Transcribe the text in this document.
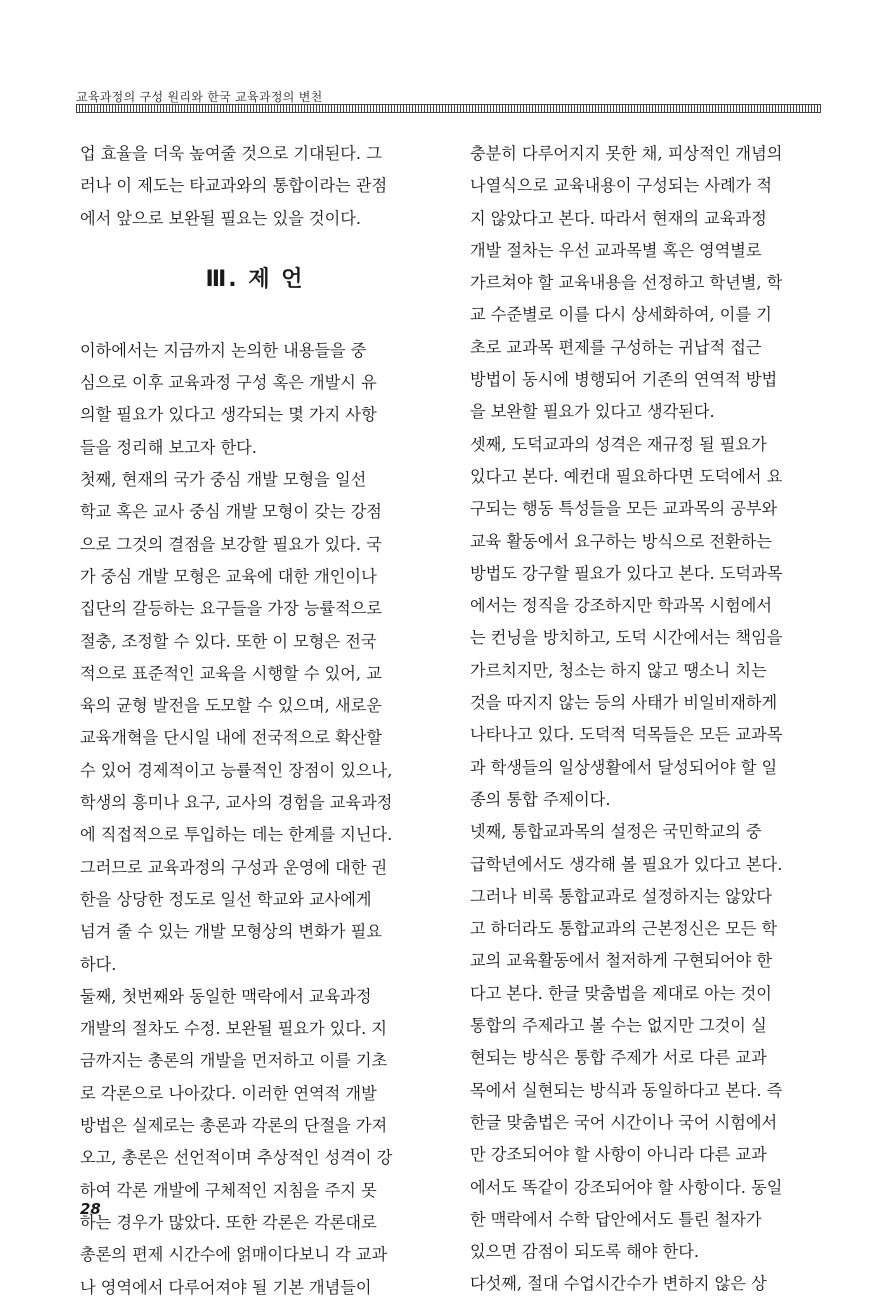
교육과정의 구성 원리와 한국 교육과정의 변천
업 효율을 더욱 높여줄 것으로 기대된다. 그
러나 이 제도는 타교과와의 통합이라는 관점
에서 앞으로 보완될 필요는 있을 것이다.
Ⅲ. 제 언
이하에서는 지금까지 논의한 내용들을 중
심으로 이후 교육과정 구성 혹은 개발시 유
의할 필요가 있다고 생각되는 몇 가지 사항
들을 정리해 보고자 한다.
첫째, 현재의 국가 중심 개발 모형을 일선
학교 혹은 교사 중심 개발 모형이 갖는 강점
으로 그것의 결점을 보강할 필요가 있다. 국
가 중심 개발 모형은 교육에 대한 개인이나
집단의 갈등하는 요구들을 가장 능률적으로
절충, 조정할 수 있다. 또한 이 모형은 전국
적으로 표준적인 교육을 시행할 수 있어, 교
육의 균형 발전을 도모할 수 있으며, 새로운
교육개혁을 단시일 내에 전국적으로 확산할
수 있어 경제적이고 능률적인 장점이 있으나,
학생의 흥미나 요구, 교사의 경험을 교육과정
에 직접적으로 투입하는 데는 한계를 지닌다.
그러므로 교육과정의 구성과 운영에 대한 권
한을 상당한 정도로 일선 학교와 교사에게
넘겨 줄 수 있는 개발 모형상의 변화가 필요
하다.
둘째, 첫번째와 동일한 맥락에서 교육과정
개발의 절차도 수정. 보완될 필요가 있다. 지
금까지는 총론의 개발을 먼저하고 이를 기초
로 각론으로 나아갔다. 이러한 연역적 개발
방법은 실제로는 총론과 각론의 단절을 가져
오고, 총론은 선언적이며 추상적인 성격이 강
하여 각론 개발에 구체적인 지침을 주지 못
하는 경우가 많았다. 또한 각론은 각론대로
총론의 편제 시간수에 얽매이다보니 각 교과
나 영역에서 다루어져야 될 기본 개념들이
충분히 다루어지지 못한 채, 피상적인 개념의
나열식으로 교육내용이 구성되는 사례가 적
지 않았다고 본다. 따라서 현재의 교육과정
개발 절차는 우선 교과목별 혹은 영역별로
가르쳐야 할 교육내용을 선정하고 학년별, 학
교 수준별로 이를 다시 상세화하여, 이를 기
초로 교과목 편제를 구성하는 귀납적 접근
방법이 동시에 병행되어 기존의 연역적 방법
을 보완할 필요가 있다고 생각된다.
셋째, 도덕교과의 성격은 재규정 될 필요가
있다고 본다. 예컨대 필요하다면 도덕에서 요
구되는 행동 특성들을 모든 교과목의 공부와
교육 활동에서 요구하는 방식으로 전환하는
방법도 강구할 필요가 있다고 본다. 도덕과목
에서는 정직을 강조하지만 학과목 시험에서
는 컨닝을 방치하고, 도덕 시간에서는 책임을
가르치지만, 청소는 하지 않고 땡소니 치는
것을 따지지 않는 등의 사태가 비일비재하게
나타나고 있다. 도덕적 덕목들은 모든 교과목
과 학생들의 일상생활에서 달성되어야 할 일
종의 통합 주제이다.
넷째, 통합교과목의 설정은 국민학교의 중
급학년에서도 생각해 볼 필요가 있다고 본다.
그러나 비록 통합교과로 설정하지는 않았다
고 하더라도 통합교과의 근본정신은 모든 학
교의 교육활동에서 철저하게 구현되어야 한
다고 본다. 한글 맞춤법을 제대로 아는 것이
통합의 주제라고 볼 수는 없지만 그것이 실
현되는 방식은 통합 주제가 서로 다른 교과
목에서 실현되는 방식과 동일하다고 본다. 즉
한글 맞춤법은 국어 시간이나 국어 시험에서
만 강조되어야 할 사항이 아니라 다른 교과
에서도 똑같이 강조되어야 할 사항이다. 동일
한 맥락에서 수학 답안에서도 틀린 철자가
있으면 감점이 되도록 해야 한다.
다섯째, 절대 수업시간수가 변하지 않은 상
28
